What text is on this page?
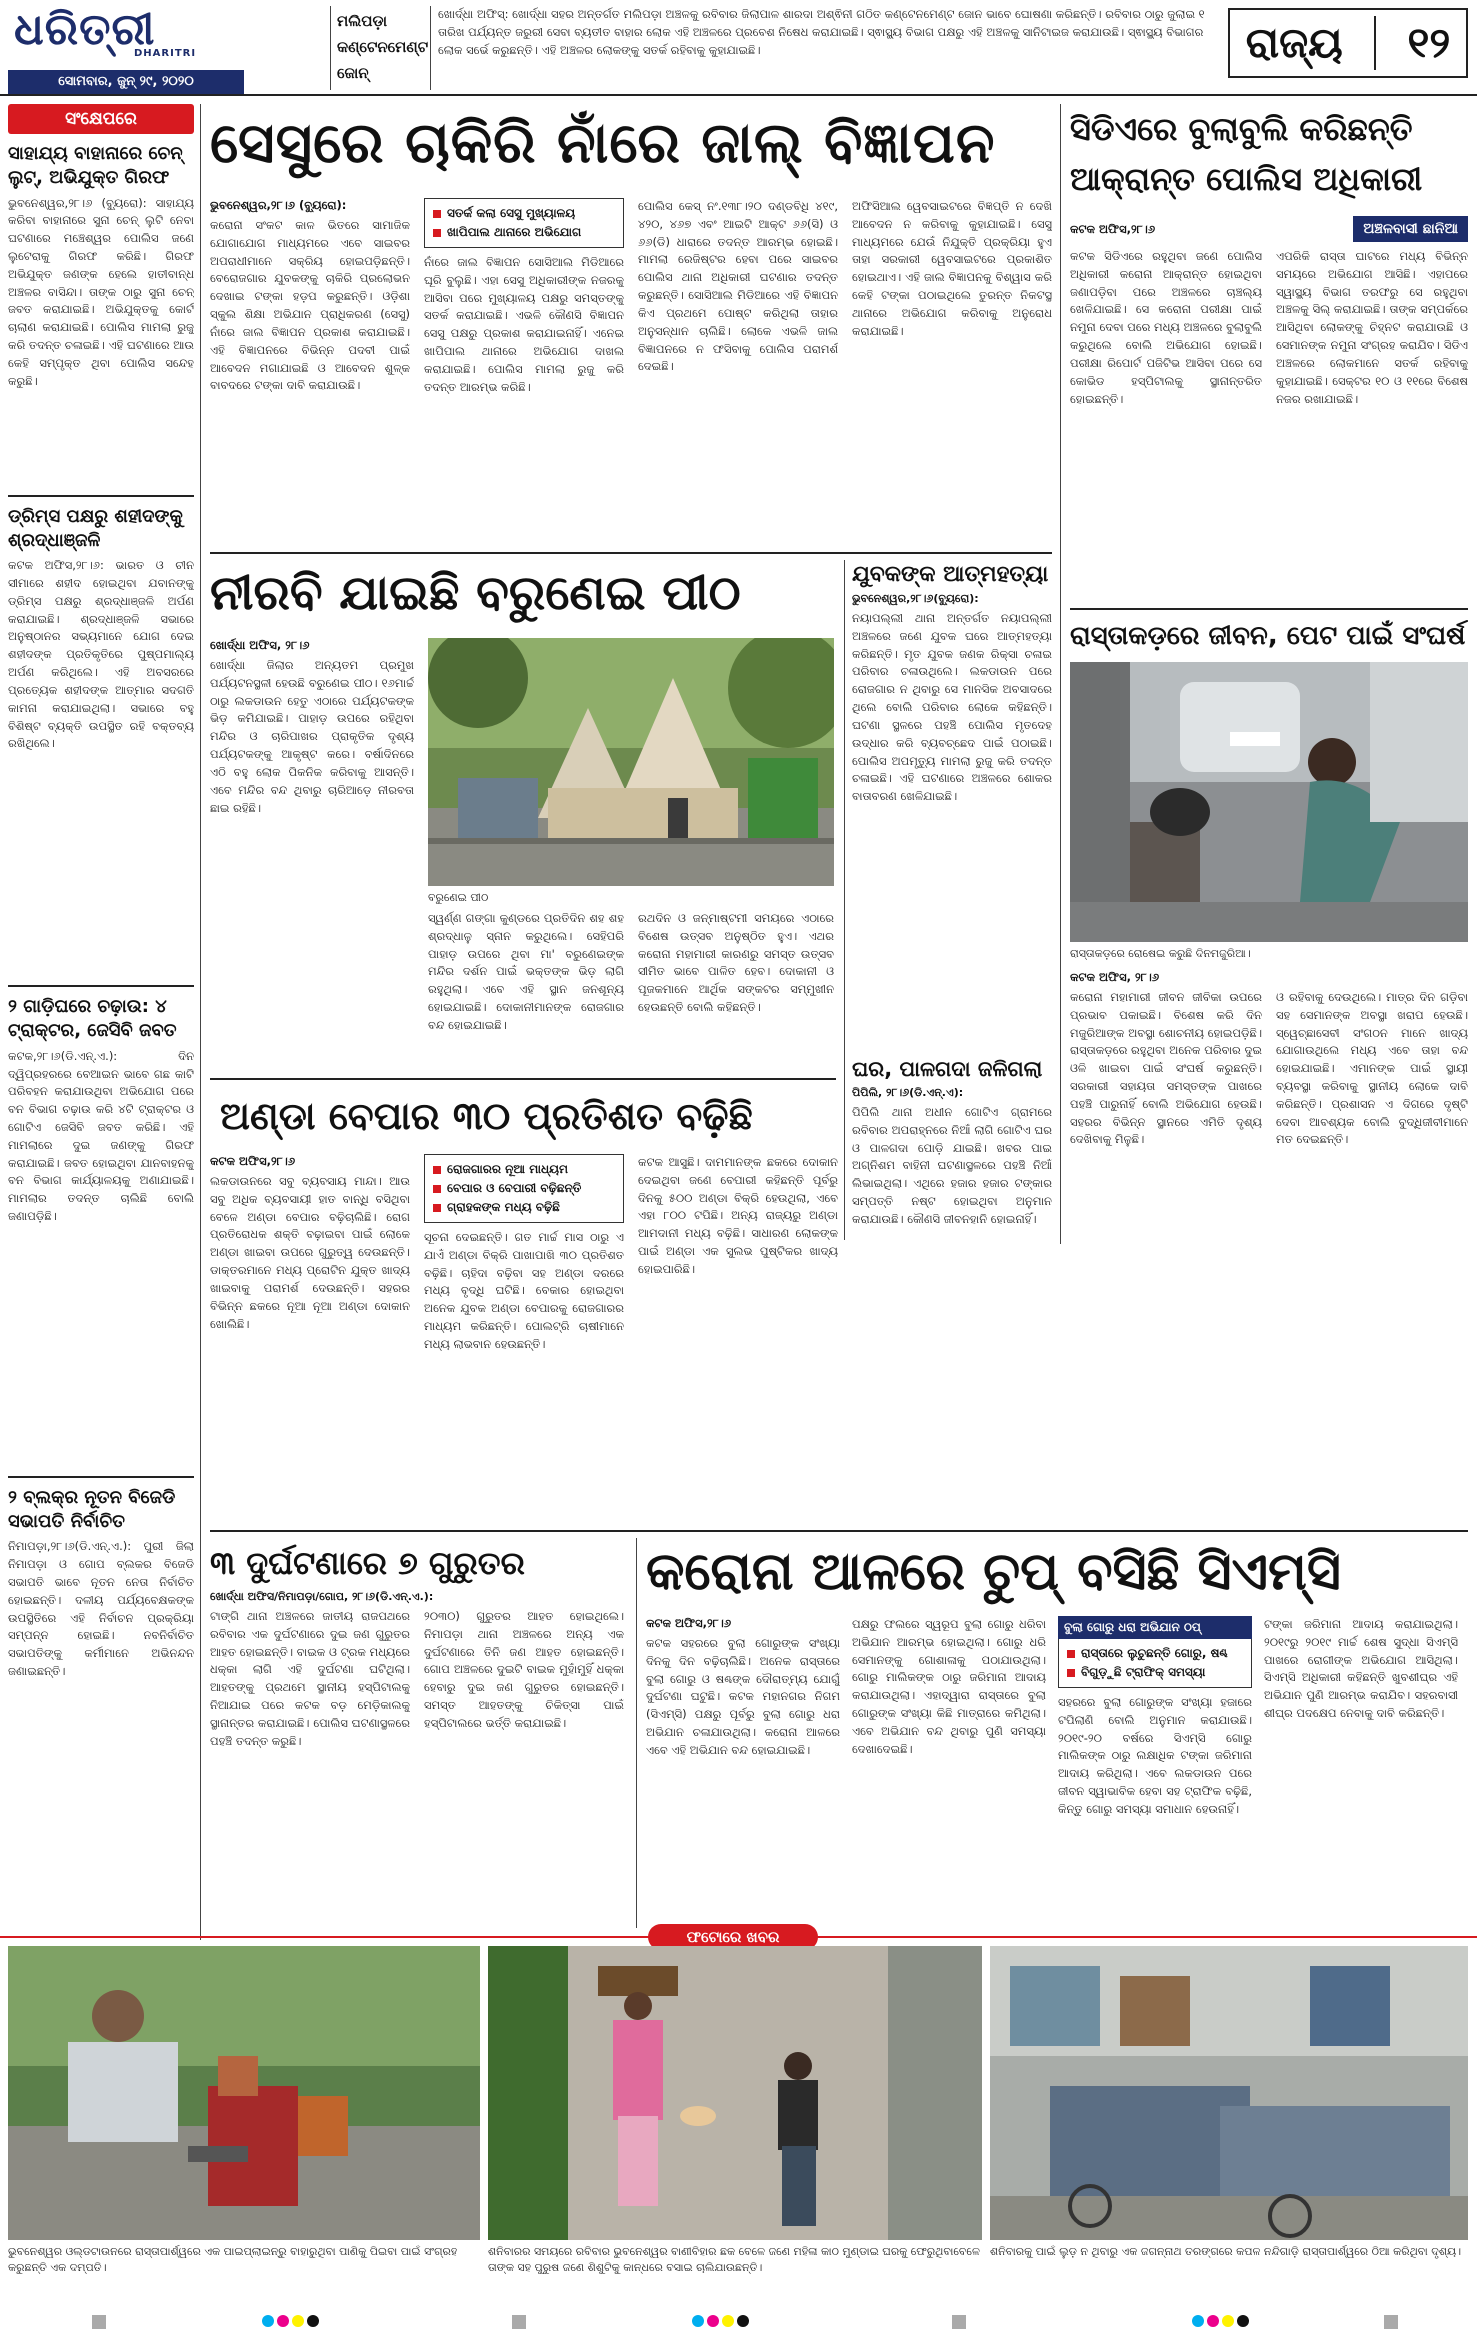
ଧରିତ୍ରୀ
DHARITRI
ସୋମବାର, ଜୁନ୍ ୨୯, ୨୦୨୦
ମଲିପଡ଼ା କଣ୍ଟେନମେଣ୍ଟ ଜୋନ୍
ଖୋର୍ଦ୍ଧା ଅଫିସ୍: ଖୋର୍ଦ୍ଧା ସହର ଅନ୍ତର୍ଗତ ମଲିପଡ଼ା ଅଞ୍ଚଳକୁ ରବିବାର ଜିଲାପାଳ ଶାରଦା ଅଶ୍ଵିନୀ ଗଠିତ କଣ୍ଟେନମେଣ୍ଟ ଜୋନ ଭାବେ ଘୋଷଣା କରିଛନ୍ତି। ରବିବାର ଠାରୁ ଜୁଲାଇ ୧ ତାରିଖ ପର୍ଯ୍ୟନ୍ତ ଜରୁରୀ ସେବା ବ୍ୟତୀତ ବାହାର ଲୋକ ଏହି ଅଞ୍ଚଳରେ ପ୍ରବେଶ ନିଷେଧ କରାଯାଇଛି। ସ୍ଵାସ୍ଥ୍ୟ ବିଭାଗ ପକ୍ଷରୁ ଏହି ଅଞ୍ଚଳକୁ ସାନିଟାଇଜ କରାଯାଉଛି। ସ୍ଵାସ୍ଥ୍ୟ ବିଭାଗର ଲୋକ ସର୍ଭେ କରୁଛନ୍ତି। ଏହି ଅଞ୍ଚଳର ଲୋକଙ୍କୁ ସତର୍କ ରହିବାକୁ କୁହାଯାଇଛି।	ରାଜ୍ୟ ୧୨
ସଂକ୍ଷେପରେ
ସାହାଯ୍ୟ ବାହାନାରେ ଚେନ୍ ଲୁଟ୍, ଅଭିଯୁକ୍ତ ଗିରଫ
ଭୁବନେଶ୍ୱର,୨୮।୬ (ବ୍ୟୁରୋ): ସାହାଯ୍ୟ କରିବା ବାହାନାରେ ସୁନା ଚେନ୍ ଲୁଟି ନେବା ଘଟଣାରେ ମଞ୍ଚେଶ୍ୱର ପୋଲିସ ଜଣେ ଲୁଟେରାକୁ ଗିରଫ କରିଛି। ଗିରଫ ଅଭିଯୁକ୍ତ ଜଣଙ୍କ ହେଲେ ହାତୀବାନ୍ଧ ଅଞ୍ଚଳର ବାସିନ୍ଦା। ତାଙ୍କ ଠାରୁ ସୁନା ଚେନ୍ ଜବତ କରାଯାଇଛି। ଅଭିଯୁକ୍ତକୁ କୋର୍ଟ ଚାଲାଣ କରାଯାଇଛି। ପୋଲିସ ମାମଲା ରୁଜୁ କରି ତଦନ୍ତ ଚଳାଇଛି। ଏହି ଘଟଣାରେ ଆଉ କେହି ସମ୍ପୃକ୍ତ ଥିବା ପୋଲିସ ସନ୍ଦେହ କରୁଛି।
ଡ୍ରିମ୍ସ ପକ୍ଷରୁ ଶହୀଦଙ୍କୁ ଶ୍ରଦ୍ଧାଞ୍ଜଳି
କଟକ ଅଫିସ,୨୮।୬: ଭାରତ ଓ ଚୀନ ସୀମାରେ ଶହୀଦ ହୋଇଥିବା ଯବାନଙ୍କୁ ଡ୍ରିମ୍ସ ପକ୍ଷରୁ ଶ୍ରଦ୍ଧାଞ୍ଜଳି ଅର୍ପଣ କରାଯାଇଛି। ଶ୍ରଦ୍ଧାଞ୍ଜଳି ସଭାରେ ଅନୁଷ୍ଠାନର ସଭ୍ୟମାନେ ଯୋଗ ଦେଇ ଶହୀଦଙ୍କ ପ୍ରତିକୃତିରେ ପୁଷ୍ପମାଲ୍ୟ ଅର୍ପଣ କରିଥିଲେ। ଏହି ଅବସରରେ ପ୍ରତ୍ୟେକ ଶହୀଦଙ୍କ ଆତ୍ମାର ସଦଗତି କାମନା କରାଯାଇଥିଲା। ସଭାରେ ବହୁ ବିଶିଷ୍ଟ ବ୍ୟକ୍ତି ଉପସ୍ଥିତ ରହି ବକ୍ତବ୍ୟ ରଖିଥିଲେ।
୨ ଗାଡ଼ିଘରେ ଚଢ଼ାଉ: ୪ ଟ୍ରାକ୍ଟର, ଜେସିବି ଜବତ
କଟକ,୨୮।୬(ଡି.ଏନ୍.ଏ.): ଦିନ ଦ୍ୱିପ୍ରହରରେ ବେଆଇନ ଭାବେ ଗଛ କାଟି ପରିବହନ କରାଯାଉଥିବା ଅଭିଯୋଗ ପରେ ବନ ବିଭାଗ ଚଢ଼ାଉ କରି ୪ଟି ଟ୍ରାକ୍ଟର ଓ ଗୋଟିଏ ଜେସିବି ଜବତ କରିଛି। ଏହି ମାମଲାରେ ଦୁଇ ଜଣଙ୍କୁ ଗିରଫ କରାଯାଇଛି। ଜବତ ହୋଇଥିବା ଯାନବାହନକୁ ବନ ବିଭାଗ କାର୍ଯ୍ୟାଳୟକୁ ଅଣାଯାଇଛି। ମାମଲାର ତଦନ୍ତ ଚାଲିଛି ବୋଲି ଜଣାପଡ଼ିଛି।
୨ ବ୍ଲକ୍ର ନୂତନ ବିଜେଡି ସଭାପତି ନିର୍ବାଚିତ
ନିମାପଡ଼ା,୨୮।୬(ଡି.ଏନ୍.ଏ.): ପୁରୀ ଜିଲା ନିମାପଡ଼ା ଓ ଗୋପ ବ୍ଲକର ବିଜେଡି ସଭାପତି ଭାବେ ନୂତନ ନେତା ନିର୍ବାଚିତ ହୋଇଛନ୍ତି। ଦଳୀୟ ପର୍ଯ୍ୟବେକ୍ଷକଙ୍କ ଉପସ୍ଥିତିରେ ଏହି ନିର୍ବାଚନ ପ୍ରକ୍ରିୟା ସମ୍ପନ୍ନ ହୋଇଛି। ନବନିର୍ବାଚିତ ସଭାପତିଙ୍କୁ କର୍ମୀମାନେ ଅଭିନନ୍ଦନ ଜଣାଇଛନ୍ତି।
ସେସୁରେ ଚାକିରି ନାଁରେ ଜାଲ୍ ବିଜ୍ଞାପନ
ଭୁବନେଶ୍ୱର,୨୮।୬ (ବ୍ୟୁରୋ):
କରୋନା ସଂକଟ କାଳ ଭିତରେ ସାମାଜିକ ଯୋଗାଯୋଗ ମାଧ୍ୟମରେ ଏବେ ସାଇବର ଅପରାଧୀମାନେ ସକ୍ରିୟ ହୋଇପଡ଼ିଛନ୍ତି। ବେରୋଜଗାର ଯୁବକଙ୍କୁ ଚାକିରି ପ୍ରଲୋଭନ ଦେଖାଇ ଟଙ୍କା ହଡ଼ପ କରୁଛନ୍ତି। ଓଡ଼ିଶା ସ୍କୁଲ ଶିକ୍ଷା ଅଭିଯାନ ପ୍ରାଧିକରଣ (ସେସୁ) ନାଁରେ ଜାଲ ବିଜ୍ଞାପନ ପ୍ରକାଶ କରାଯାଇଛି। ଏହି ବିଜ୍ଞାପନରେ ବିଭିନ୍ନ ପଦବୀ ପାଇଁ ଆବେଦନ ମଗାଯାଇଛି ଓ ଆବେଦନ ଶୁଳ୍କ ବାବଦରେ ଟଙ୍କା ଦାବି କରାଯାଉଛି।
ସତର୍କ କଲା ସେସୁ ମୁଖ୍ୟାଳୟ
ଖାପିପାଲ ଥାନାରେ ଅଭିଯୋଗ
ନାଁରେ ଜାଲ ବିଜ୍ଞାପନ ସୋସିଆଲ ମିଡିଆରେ ଘୂରି ବୁଲୁଛି। ଏହା ସେସୁ ଅଧିକାରୀଙ୍କ ନଜରକୁ ଆସିବା ପରେ ମୁଖ୍ୟାଳୟ ପକ୍ଷରୁ ସମସ୍ତଙ୍କୁ ସତର୍କ କରାଯାଇଛି। ଏଭଳି କୌଣସି ବିଜ୍ଞାପନ ସେସୁ ପକ୍ଷରୁ ପ୍ରକାଶ କରାଯାଇନାହିଁ। ଏନେଇ ଖାପିପାଲ ଥାନାରେ ଅଭିଯୋଗ ଦାଖଲ କରାଯାଇଛି। ପୋଲିସ ମାମଲା ରୁଜୁ କରି ତଦନ୍ତ ଆରମ୍ଭ କରିଛି।
ପୋଲିସ କେସ୍ ନଂ.୧୩୮।୨୦ ଦଣ୍ଡବିଧି ୪୧୯, ୪୨୦, ୪୬୭ ଏବଂ ଆଇଟି ଆକ୍ଟ ୬୬(ସି) ଓ ୬୬(ଡି) ଧାରାରେ ତଦନ୍ତ ଆରମ୍ଭ ହୋଇଛି। ମାମଲା ରେଜିଷ୍ଟର ହେବା ପରେ ସାଇବର ପୋଲିସ ଥାନା ଅଧିକାରୀ ଘଟଣାର ତଦନ୍ତ କରୁଛନ୍ତି। ସୋସିଆଲ ମିଡିଆରେ ଏହି ବିଜ୍ଞାପନ କିଏ ପ୍ରଥମେ ପୋଷ୍ଟ କରିଥିଲା ତାହାର ଅନୁସନ୍ଧାନ ଚାଲିଛି। ଲୋକେ ଏଭଳି ଜାଲ ବିଜ୍ଞାପନରେ ନ ଫସିବାକୁ ପୋଲିସ ପରାମର୍ଶ ଦେଇଛି।
ଅଫିସିଆଲ ୱେବସାଇଟରେ ବିଜ୍ଞପ୍ତି ନ ଦେଖି ଆବେଦନ ନ କରିବାକୁ କୁହାଯାଇଛି। ସେସୁ ମାଧ୍ୟମରେ ଯେଉଁ ନିଯୁକ୍ତି ପ୍ରକ୍ରିୟା ହୁଏ ତାହା ସରକାରୀ ୱେବସାଇଟରେ ପ୍ରକାଶିତ ହୋଇଥାଏ। ଏହି ଜାଲ ବିଜ୍ଞାପନକୁ ବିଶ୍ୱାସ କରି କେହି ଟଙ୍କା ପଠାଇଥିଲେ ତୁରନ୍ତ ନିକଟସ୍ଥ ଥାନାରେ ଅଭିଯୋଗ କରିବାକୁ ଅନୁରୋଧ କରାଯାଇଛି।
ସିଡିଏରେ ବୁଲାବୁଲି କରିଛନ୍ତି ଆକ୍ରାନ୍ତ ପୋଲିସ ଅଧିକାରୀ
କଟକ ଅଫିସ,୨୮।୬	ଅଞ୍ଚଳବାସୀ ଛାନିଆ
କଟକ ସିଡିଏରେ ରହୁଥିବା ଜଣେ ପୋଲିସ ଅଧିକାରୀ କରୋନା ଆକ୍ରାନ୍ତ ହୋଇଥିବା ଜଣାପଡ଼ିବା ପରେ ଅଞ୍ଚଳରେ ଚାଞ୍ଚଲ୍ୟ ଖେଳିଯାଇଛି। ସେ କରୋନା ପରୀକ୍ଷା ପାଇଁ ନମୁନା ଦେବା ପରେ ମଧ୍ୟ ଅଞ୍ଚଳରେ ବୁଲାବୁଲି କରୁଥିଲେ ବୋଲି ଅଭିଯୋଗ ହୋଇଛି। ପରୀକ୍ଷା ରିପୋର୍ଟ ପଜିଟିଭ ଆସିବା ପରେ ସେ କୋଭିଡ ହସ୍ପିଟାଲକୁ ସ୍ଥାନାନ୍ତରିତ ହୋଇଛନ୍ତି।
ଏପରିକି ରାସ୍ତା ଘାଟରେ ମଧ୍ୟ ବିଭିନ୍ନ ସମୟରେ ଅଭିଯୋଗ ଆସିଛି। ଏହାପରେ ସ୍ୱାସ୍ଥ୍ୟ ବିଭାଗ ତରଫରୁ ସେ ରହୁଥିବା ଅଞ୍ଚଳକୁ ସିଲ୍ କରାଯାଇଛି। ତାଙ୍କ ସମ୍ପର୍କରେ ଆସିଥିବା ଲୋକଙ୍କୁ ଚିହ୍ନଟ କରାଯାଉଛି ଓ ସେମାନଙ୍କ ନମୁନା ସଂଗ୍ରହ କରାଯିବ। ସିଡିଏ ଅଞ୍ଚଳରେ ଲୋକମାନେ ସତର୍କ ରହିବାକୁ କୁହାଯାଇଛି। ସେକ୍ଟର ୧୦ ଓ ୧୧ରେ ବିଶେଷ ନଜର ରଖାଯାଇଛି।
ନୀରବି ଯାଇଛି ବରୁଣେଇ ପୀଠ
ଖୋର୍ଦ୍ଧା ଅଫିସ, ୨୮।୬
ଖୋର୍ଦ୍ଧା ଜିଲାର ଅନ୍ୟତମ ପ୍ରମୁଖ ପର୍ଯ୍ୟଟନସ୍ଥଳୀ ହେଉଛି ବରୁଣେଇ ପୀଠ। ୧୬ମାର୍ଚ୍ଚ ଠାରୁ ଲକଡାଉନ ହେତୁ ଏଠାରେ ପର୍ଯ୍ୟଟକଙ୍କ ଭିଡ଼ କମିଯାଇଛି। ପାହାଡ଼ ଉପରେ ରହିଥିବା ମନ୍ଦିର ଓ ଚାରିପାଖର ପ୍ରାକୃତିକ ଦୃଶ୍ୟ ପର୍ଯ୍ୟଟକଙ୍କୁ ଆକୃଷ୍ଟ କରେ। ବର୍ଷାଦିନରେ ଏଠି ବହୁ ଲୋକ ପିକନିକ କରିବାକୁ ଆସନ୍ତି। ଏବେ ମନ୍ଦିର ବନ୍ଦ ଥିବାରୁ ଚାରିଆଡ଼େ ନୀରବତା ଛାଇ ରହିଛି।
ବରୁଣେଇ ପୀଠ
ସ୍ୱର୍ଣ୍ଣ ଗଙ୍ଗା କୁଣ୍ଡରେ ପ୍ରତିଦିନ ଶହ ଶହ ଶ୍ରଦ୍ଧାଳୁ ସ୍ନାନ କରୁଥିଲେ। ସେହିପରି ପାହାଡ଼ ଉପରେ ଥିବା ମା' ବରୁଣେଇଙ୍କ ମନ୍ଦିର ଦର୍ଶନ ପାଇଁ ଭକ୍ତଙ୍କ ଭିଡ଼ ଲାଗି ରହୁଥିଲା। ଏବେ ଏହି ସ୍ଥାନ ଜନଶୂନ୍ୟ ହୋଇଯାଇଛି। ଦୋକାନୀମାନଙ୍କ ରୋଜଗାର ବନ୍ଦ ହୋଇଯାଇଛି।
ରଥଦିନ ଓ ଜନ୍ମାଷ୍ଟମୀ ସମୟରେ ଏଠାରେ ବିଶେଷ ଉତ୍ସବ ଅନୁଷ୍ଠିତ ହୁଏ। ଏଥର କରୋନା ମହାମାରୀ କାରଣରୁ ସମସ୍ତ ଉତ୍ସବ ସୀମିତ ଭାବେ ପାଳିତ ହେବ। ଦୋକାନୀ ଓ ପୂଜକମାନେ ଆର୍ଥିକ ସଙ୍କଟର ସମ୍ମୁଖୀନ ହେଉଛନ୍ତି ବୋଲି କହିଛନ୍ତି।
ଯୁବକଙ୍କ ଆତ୍ମହତ୍ୟା
ଭୁବନେଶ୍ୱର,୨୮।୬(ବ୍ୟୁରୋ):
ନୟାପଲ୍ଲୀ ଥାନା ଅନ୍ତର୍ଗତ ନୟାପଲ୍ଲୀ ଅଞ୍ଚଳରେ ଜଣେ ଯୁବକ ଘରେ ଆତ୍ମହତ୍ୟା କରିଛନ୍ତି। ମୃତ ଯୁବକ ଜଣକ ରିକ୍ସା ଚଳାଇ ପରିବାର ଚଳାଉଥିଲେ। ଲକଡାଉନ ପରେ ରୋଜଗାର ନ ଥିବାରୁ ସେ ମାନସିକ ଅବସାଦରେ ଥିଲେ ବୋଲି ପରିବାର ଲୋକେ କହିଛନ୍ତି। ଘଟଣା ସ୍ଥଳରେ ପହଞ୍ଚି ପୋଲିସ ମୃତଦେହ ଉଦ୍ଧାର କରି ବ୍ୟବଚ୍ଛେଦ ପାଇଁ ପଠାଇଛି। ପୋଲିସ ଅପମୃତ୍ୟୁ ମାମଲା ରୁଜୁ କରି ତଦନ୍ତ ଚଳାଇଛି। ଏହି ଘଟଣାରେ ଅଞ୍ଚଳରେ ଶୋକର ବାତାବରଣ ଖେଳିଯାଇଛି।
ଘର, ପାଳଗଦା ଜଳିଗଲା
ପିପିଲି, ୨୮।୬(ଡି.ଏନ୍.ଏ):
ପିପିଲି ଥାନା ଅଧୀନ ଗୋଟିଏ ଗ୍ରାମରେ ରବିବାର ଅପରାହ୍ନରେ ନିଆଁ ଲାଗି ଗୋଟିଏ ଘର ଓ ପାଳଗଦା ପୋଡ଼ି ଯାଇଛି। ଖବର ପାଇ ଅଗ୍ନିଶମ ବାହିନୀ ଘଟଣାସ୍ଥଳରେ ପହଞ୍ଚି ନିଆଁ ଲିଭାଇଥିଲା। ଏଥିରେ ହଜାର ହଜାର ଟଙ୍କାର ସମ୍ପତ୍ତି ନଷ୍ଟ ହୋଇଥିବା ଅନୁମାନ କରାଯାଉଛି। କୌଣସି ଜୀବନହାନି ହୋଇନାହିଁ।
ରାସ୍ତାକଡ଼ରେ ଜୀବନ, ପେଟ ପାଇଁ ସଂଘର୍ଷ
ରାସ୍ତାକଡ଼ରେ ରୋଷେଇ କରୁଛି ଦିନମଜୁରିଆ।
କଟକ ଅଫିସ, ୨୮।୬
କରୋନା ମହାମାରୀ ଜୀବନ ଜୀବିକା ଉପରେ ପ୍ରଭାବ ପକାଇଛି। ବିଶେଷ କରି ଦିନ ମଜୁରିଆଙ୍କ ଅବସ୍ଥା ଶୋଚନୀୟ ହୋଇପଡ଼ିଛି। ରାସ୍ତାକଡ଼ରେ ରହୁଥିବା ଅନେକ ପରିବାର ଦୁଇ ଓଳି ଖାଇବା ପାଇଁ ସଂଘର୍ଷ କରୁଛନ୍ତି। ସରକାରୀ ସହାୟତା ସମସ୍ତଙ୍କ ପାଖରେ ପହଞ୍ଚି ପାରୁନାହିଁ ବୋଲି ଅଭିଯୋଗ ହେଉଛି। ସହରର ବିଭିନ୍ନ ସ୍ଥାନରେ ଏମିତି ଦୃଶ୍ୟ ଦେଖିବାକୁ ମିଳୁଛି।
ଓ ରହିବାକୁ ଦେଉଥିଲେ। ମାତ୍ର ଦିନ ଗଡ଼ିବା ସହ ସେମାନଙ୍କ ଅବସ୍ଥା ଖରାପ ହେଉଛି। ସ୍ୱେଚ୍ଛାସେବୀ ସଂଗଠନ ମାନେ ଖାଦ୍ୟ ଯୋଗାଉଥିଲେ ମଧ୍ୟ ଏବେ ତାହା ବନ୍ଦ ହୋଇଯାଇଛି। ଏମାନଙ୍କ ପାଇଁ ସ୍ଥାୟୀ ବ୍ୟବସ୍ଥା କରିବାକୁ ସ୍ଥାନୀୟ ଲୋକେ ଦାବି କରିଛନ୍ତି। ପ୍ରଶାସନ ଏ ଦିଗରେ ଦୃଷ୍ଟି ଦେବା ଆବଶ୍ୟକ ବୋଲି ବୁଦ୍ଧିଜୀବୀମାନେ ମତ ଦେଇଛନ୍ତି।
ଅଣ୍ଡା ବେପାର ୩୦ ପ୍ରତିଶତ ବଢ଼ିଛି
କଟକ ଅଫିସ,୨୮।୬
ଲକଡାଉନରେ ସବୁ ବ୍ୟବସାୟ ମାନ୍ଦା। ଆଉ ସବୁ ଅଧିକ ବ୍ୟବସାୟୀ ହାତ ବାନ୍ଧି ବସିଥିବା ବେଳେ ଅଣ୍ଡା ବେପାର ବଢ଼ିଚାଲିଛି। ରୋଗ ପ୍ରତିରୋଧକ ଶକ୍ତି ବଢ଼ାଇବା ପାଇଁ ଲୋକେ ଅଣ୍ଡା ଖାଇବା ଉପରେ ଗୁରୁତ୍ୱ ଦେଉଛନ୍ତି। ଡାକ୍ତରମାନେ ମଧ୍ୟ ପ୍ରୋଟିନ ଯୁକ୍ତ ଖାଦ୍ୟ ଖାଇବାକୁ ପରାମର୍ଶ ଦେଉଛନ୍ତି। ସହରର ବିଭିନ୍ନ ଛକରେ ନୂଆ ନୂଆ ଅଣ୍ଡା ଦୋକାନ ଖୋଲିଛି।
ରୋଜଗାରର ନୂଆ ମାଧ୍ୟମ
ବେପାର ଓ ବେପାରୀ ବଢ଼ିଛନ୍ତି
ଗ୍ରାହକଙ୍କ ମଧ୍ୟ ବଢ଼ିଛି
ସୂଚନା ଦେଇଛନ୍ତି। ଗତ ମାର୍ଚ୍ଚ ମାସ ଠାରୁ ଏ ଯାଏଁ ଅଣ୍ଡା ବିକ୍ରି ପାଖାପାଖି ୩୦ ପ୍ରତିଶତ ବଢ଼ିଛି। ଚାହିଦା ବଢ଼ିବା ସହ ଅଣ୍ଡା ଦରରେ ମଧ୍ୟ ବୃଦ୍ଧି ଘଟିଛି। ବେକାର ହୋଇଥିବା ଅନେକ ଯୁବକ ଅଣ୍ଡା ବେପାରକୁ ରୋଜଗାରର ମାଧ୍ୟମ କରିଛନ୍ତି। ପୋଲଟ୍ରି ଚାଷୀମାନେ ମଧ୍ୟ ଲାଭବାନ ହେଉଛନ୍ତି।
କଟକ ଆସୁଛି। ଦାମମାନଙ୍କ ଛକରେ ଦୋକାନ ଦେଇଥିବା ଜଣେ ବେପାରୀ କହିଛନ୍ତି ପୂର୍ବରୁ ଦିନକୁ ୫୦୦ ଅଣ୍ଡା ବିକ୍ରି ହେଉଥିଲା, ଏବେ ଏହା ୮୦୦ ଟପିଛି। ଅନ୍ୟ ରାଜ୍ୟରୁ ଅଣ୍ଡା ଆମଦାନୀ ମଧ୍ୟ ବଢ଼ିଛି। ସାଧାରଣ ଲୋକଙ୍କ ପାଇଁ ଅଣ୍ଡା ଏକ ସୁଲଭ ପୁଷ୍ଟିକର ଖାଦ୍ୟ ହୋଇପାରିଛି।
୩ ଦୁର୍ଘଟଣାରେ ୭ ଗୁରୁତର
ଖୋର୍ଦ୍ଧା ଅଫିସ/ନିମାପଡ଼ା/ଗୋପ, ୨୮।୬(ଡି.ଏନ୍.ଏ.):
ଟାଙ୍ଗି ଥାନା ଅଞ୍ଚଳରେ ଜାତୀୟ ରାଜପଥରେ ରବିବାର ଏକ ଦୁର୍ଘଟଣାରେ ଦୁଇ ଜଣ ଗୁରୁତର ଆହତ ହୋଇଛନ୍ତି। ବାଇକ ଓ ଟ୍ରକ ମଧ୍ୟରେ ଧକ୍କା ଲାଗି ଏହି ଦୁର୍ଘଟଣା ଘଟିଥିଲା। ଆହତଙ୍କୁ ପ୍ରଥମେ ସ୍ଥାନୀୟ ହସ୍ପିଟାଲକୁ ନିଆଯାଇ ପରେ କଟକ ବଡ଼ ମେଡ଼ିକାଲକୁ ସ୍ଥାନାନ୍ତର କରାଯାଇଛି। ପୋଲିସ ଘଟଣାସ୍ଥଳରେ ପହଞ୍ଚି ତଦନ୍ତ କରୁଛି।
୨୦୩୦) ଗୁରୁତର ଆହତ ହୋଇଥିଲେ। ନିମାପଡ଼ା ଥାନା ଅଞ୍ଚଳରେ ଅନ୍ୟ ଏକ ଦୁର୍ଘଟଣାରେ ତିନି ଜଣ ଆହତ ହୋଇଛନ୍ତି। ଗୋପ ଅଞ୍ଚଳରେ ଦୁଇଟି ବାଇକ ମୁହାଁମୁହିଁ ଧକ୍କା ହେବାରୁ ଦୁଇ ଜଣ ଗୁରୁତର ହୋଇଛନ୍ତି। ସମସ୍ତ ଆହତଙ୍କୁ ଚିକିତ୍ସା ପାଇଁ ହସ୍ପିଟାଲରେ ଭର୍ତ୍ତି କରାଯାଇଛି।
କରୋନା ଆଳରେ ଚୁପ୍ ବସିଛି ସିଏମ୍ସି
କଟକ ଅଫିସ,୨୮।୬
କଟକ ସହରରେ ବୁଲା ଗୋରୁଙ୍କ ସଂଖ୍ୟା ଦିନକୁ ଦିନ ବଢ଼ିଚାଲିଛି। ଅନେକ ରାସ୍ତାରେ ବୁଲା ଗୋରୁ ଓ ଷଣ୍ଢଙ୍କ ଦୌରାତ୍ମ୍ୟ ଯୋଗୁଁ ଦୁର୍ଘଟଣା ଘଟୁଛି। କଟକ ମହାନଗର ନିଗମ (ସିଏମ୍ସି) ପକ୍ଷରୁ ପୂର୍ବରୁ ବୁଲା ଗୋରୁ ଧରା ଅଭିଯାନ ଚଳାଯାଉଥିଲା। କରୋନା ଆଳରେ ଏବେ ଏହି ଅଭିଯାନ ବନ୍ଦ ହୋଇଯାଇଛି।
ପକ୍ଷରୁ ଫଲରେ ସ୍ୱରୂପ ବୁଲା ଗୋରୁ ଧରିବା ଅଭିଯାନ ଆରମ୍ଭ ହୋଇଥିଲା। ଗୋରୁ ଧରି ସେମାନଙ୍କୁ ଗୋଶାଳାକୁ ପଠାଯାଉଥିଲା। ଗୋରୁ ମାଲିକଙ୍କ ଠାରୁ ଜରିମାନା ଆଦାୟ କରାଯାଉଥିଲା। ଏହାଦ୍ୱାରା ରାସ୍ତାରେ ବୁଲା ଗୋରୁଙ୍କ ସଂଖ୍ୟା କିଛି ମାତ୍ରାରେ କମିଥିଲା। ଏବେ ଅଭିଯାନ ବନ୍ଦ ଥିବାରୁ ପୁଣି ସମସ୍ୟା ଦେଖାଦେଇଛି।
ବୁଲା ଗୋରୁ ଧରା ଅଭିଯାନ ଠପ୍
ରାସ୍ତାରେ ଲୁଚୁଛନ୍ତି ଗୋରୁ, ଷଣ୍ଢ
ବିଗୁଡ଼ୁଛି ଟ୍ରାଫିକ୍ ସମସ୍ୟା
ସହରରେ ବୁଲା ଗୋରୁଙ୍କ ସଂଖ୍ୟା ହଜାରେ ଟପିଲାଣି ବୋଲି ଅନୁମାନ କରାଯାଉଛି। ୨୦୧୯-୨୦ ବର୍ଷରେ ସିଏମ୍ସି ଗୋରୁ ମାଲିକଙ୍କ ଠାରୁ ଲକ୍ଷାଧିକ ଟଙ୍କା ଜରିମାନା ଆଦାୟ କରିଥିଲା। ଏବେ ଲକଡାଉନ ପରେ ଜୀବନ ସ୍ୱାଭାବିକ ହେବା ସହ ଟ୍ରାଫିକ ବଢ଼ିଛି, କିନ୍ତୁ ଗୋରୁ ସମସ୍ୟା ସମାଧାନ ହେଉନାହିଁ।
ଟଙ୍କା ଜରିମାନା ଆଦାୟ କରାଯାଇଥିଲା। ୨୦୧୯ରୁ ୨୦୧୯ ମାର୍ଚ୍ଚ ଶେଷ ସୁଦ୍ଧା ସିଏମ୍ସି ପାଖରେ ରୋଗୀଙ୍କ ଅଭିଯୋଗ ଆସିଥିଲା। ସିଏମ୍ସି ଅଧିକାରୀ କହିଛନ୍ତି ଖୁବଶୀଘ୍ର ଏହି ଅଭିଯାନ ପୁଣି ଆରମ୍ଭ କରାଯିବ। ସହରବାସୀ ଶୀଘ୍ର ପଦକ୍ଷେପ ନେବାକୁ ଦାବି କରିଛନ୍ତି।
ଫଟୋରେ ଖବର
ଭୁବନେଶ୍ୱର ଓଲ୍ଡଟାଉନରେ ରାସ୍ତାପାର୍ଶ୍ୱରେ ଏକ ପାଇପ୍‌ଲାଇନ୍‌ରୁ ବାହାରୁଥିବା ପାଣିକୁ ପିଇବା ପାଇଁ ସଂଗ୍ରହ କରୁଛନ୍ତି ଏକ ଦମ୍ପତି।
ଶନିବାରର ସମୟରେ ରବିବାର ଭୁବନେଶ୍ୱର ବାଣୀବିହାର ଛକ ବେଳେ ଜଣେ ମହିଳା କାଠ ମୁଣ୍ଡାଇ ଘରକୁ ଫେରୁଥିବାବେଳେ ତାଙ୍କ ସହ ପୁରୁଷ ଜଣେ ଶିଶୁଟିକୁ କାନ୍ଧରେ ବସାଇ ଚାଲିଯାଉଛନ୍ତି।
ଶନିବାରକୁ ପାଇଁ ଲୁଡ଼ ନ ଥିବାରୁ ଏକ ଜଗନ୍ନାଥ ତରଙ୍ଗରେ କପଳ ନନ୍ଦିଗାଡ଼ି ରାସ୍ତାପାର୍ଶ୍ୱରେ ଠିଆ କରିଥିବା ଦୃଶ୍ୟ।
